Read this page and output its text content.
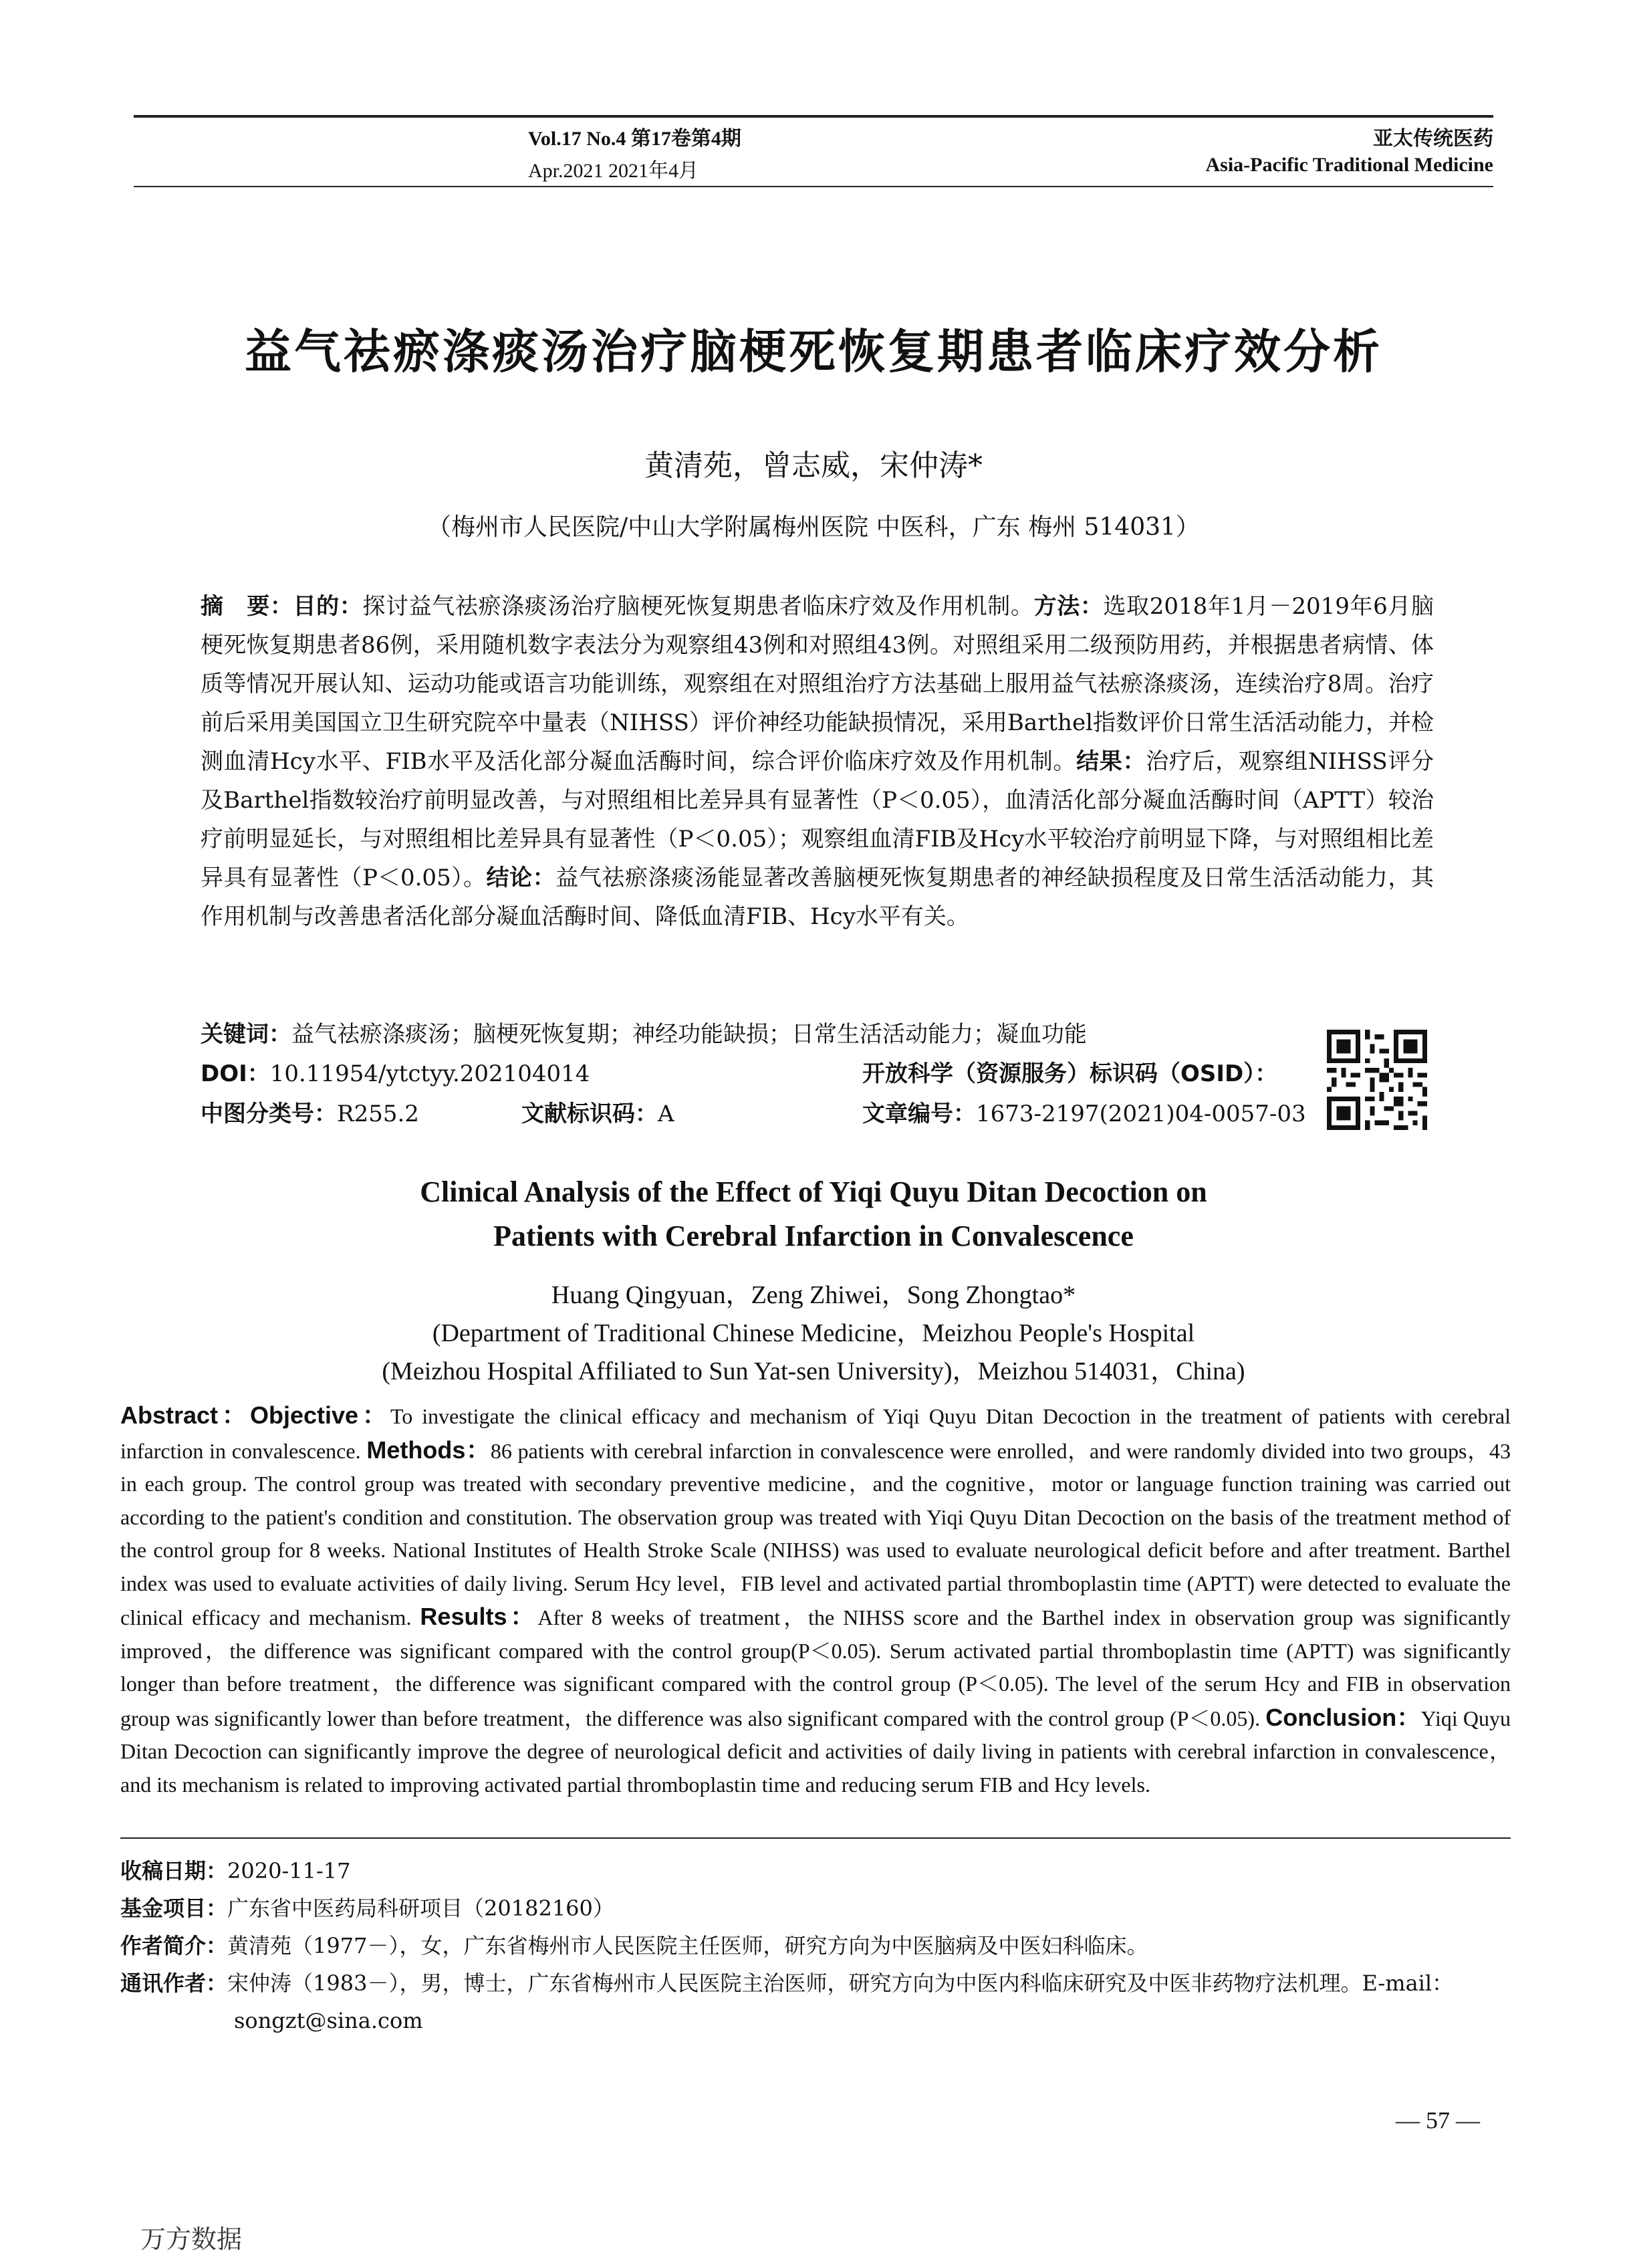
Vol.17 No.4 第17卷第4期
Apr.2021 2021年4月
亚太传统医药
Asia-Pacific Traditional Medicine
益气祛瘀涤痰汤治疗脑梗死恢复期患者临床疗效分析
黄清苑，曾志威，宋仲涛*
（梅州市人民医院/中山大学附属梅州医院 中医科，广东 梅州 514031）
摘　要：目的：探讨益气祛瘀涤痰汤治疗脑梗死恢复期患者临床疗效及作用机制。方法：选取2018年1月－2019年6月脑梗死恢复期患者86例，采用随机数字表法分为观察组43例和对照组43例。对照组采用二级预防用药，并根据患者病情、体质等情况开展认知、运动功能或语言功能训练，观察组在对照组治疗方法基础上服用益气祛瘀涤痰汤，连续治疗8周。治疗前后采用美国国立卫生研究院卒中量表（NIHSS）评价神经功能缺损情况，采用Barthel指数评价日常生活活动能力，并检测血清Hcy水平、FIB水平及活化部分凝血活酶时间，综合评价临床疗效及作用机制。结果：治疗后，观察组NIHSS评分及Barthel指数较治疗前明显改善，与对照组相比差异具有显著性（P＜0.05），血清活化部分凝血活酶时间（APTT）较治疗前明显延长，与对照组相比差异具有显著性（P＜0.05）；观察组血清FIB及Hcy水平较治疗前明显下降，与对照组相比差异具有显著性（P＜0.05）。结论：益气祛瘀涤痰汤能显著改善脑梗死恢复期患者的神经缺损程度及日常生活活动能力，其作用机制与改善患者活化部分凝血活酶时间、降低血清FIB、Hcy水平有关。
关键词：益气祛瘀涤痰汤；脑梗死恢复期；神经功能缺损；日常生活活动能力；凝血功能
DOI：10.11954/ytctyy.202104014	开放科学（资源服务）标识码（OSID）：
中图分类号：R255.2	文献标识码：A	文章编号：1673-2197(2021)04-0057-03
Clinical Analysis of the Effect of Yiqi Quyu Ditan Decoction on
Patients with Cerebral Infarction in Convalescence
Huang Qingyuan，Zeng Zhiwei，Song Zhongtao*
(Department of Traditional Chinese Medicine，Meizhou People's Hospital
(Meizhou Hospital Affiliated to Sun Yat-sen University)，Meizhou 514031，China)
Abstract：Objective：To investigate the clinical efficacy and mechanism of Yiqi Quyu Ditan Decoction in the treatment of patients with cerebral infarction in convalescence. Methods：86 patients with cerebral infarction in convalescence were enrolled，and were randomly divided into two groups，43 in each group. The control group was treated with secondary preventive medicine，and the cognitive，motor or language function training was carried out according to the patient's condition and constitution. The observation group was treated with Yiqi Quyu Ditan Decoction on the basis of the treatment method of the control group for 8 weeks. National Institutes of Health Stroke Scale (NIHSS) was used to evaluate neurological deficit before and after treatment. Barthel index was used to evaluate activities of daily living. Serum Hcy level，FIB level and activated partial thromboplastin time (APTT) were detected to evaluate the clinical efficacy and mechanism. Results：After 8 weeks of treatment，the NIHSS score and the Barthel index in observation group was significantly improved，the difference was significant compared with the control group(P＜0.05). Serum activated partial thromboplastin time (APTT) was significantly longer than before treatment，the difference was significant compared with the control group (P＜0.05). The level of the serum Hcy and FIB in observation group was significantly lower than before treatment，the difference was also significant compared with the control group (P＜0.05). Conclusion：Yiqi Quyu Ditan Decoction can significantly improve the degree of neurological deficit and activities of daily living in patients with cerebral infarction in convalescence，and its mechanism is related to improving activated partial thromboplastin time and reducing serum FIB and Hcy levels.
收稿日期：2020-11-17
基金项目：广东省中医药局科研项目（20182160）
作者简介：黄清苑（1977－），女，广东省梅州市人民医院主任医师，研究方向为中医脑病及中医妇科临床。
通讯作者：宋仲涛（1983－），男，博士，广东省梅州市人民医院主治医师，研究方向为中医内科临床研究及中医非药物疗法机理。E-mail：songzt@sina.com
— 57 —
万方数据
